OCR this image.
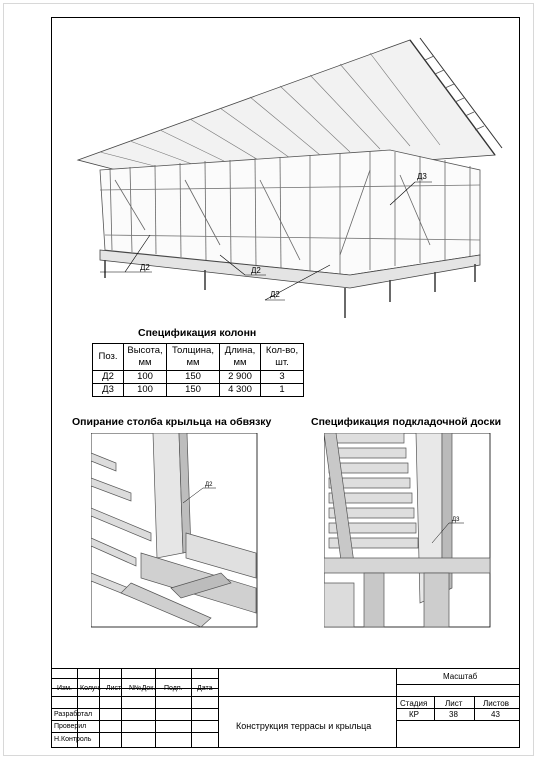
Д3
Д2	Д2
Д2
Спецификация колонн
Поз.	Высота, мм	Толщина, мм	Длина, мм	Кол-во, шт.
Д2	100	150	2 900	3
Д3	100	150	4 300	1
Опирание столба крыльца на обвязку	Спецификация подкладочной доски
Д2
Д3
Изм. Колуч. Лист N№Док. Подп. Дата
Разработал
Проверил
Н.Контроль
Конструкция террасы и крыльца
Масштаб
Стадия Лист	Листов
КР	38	43
